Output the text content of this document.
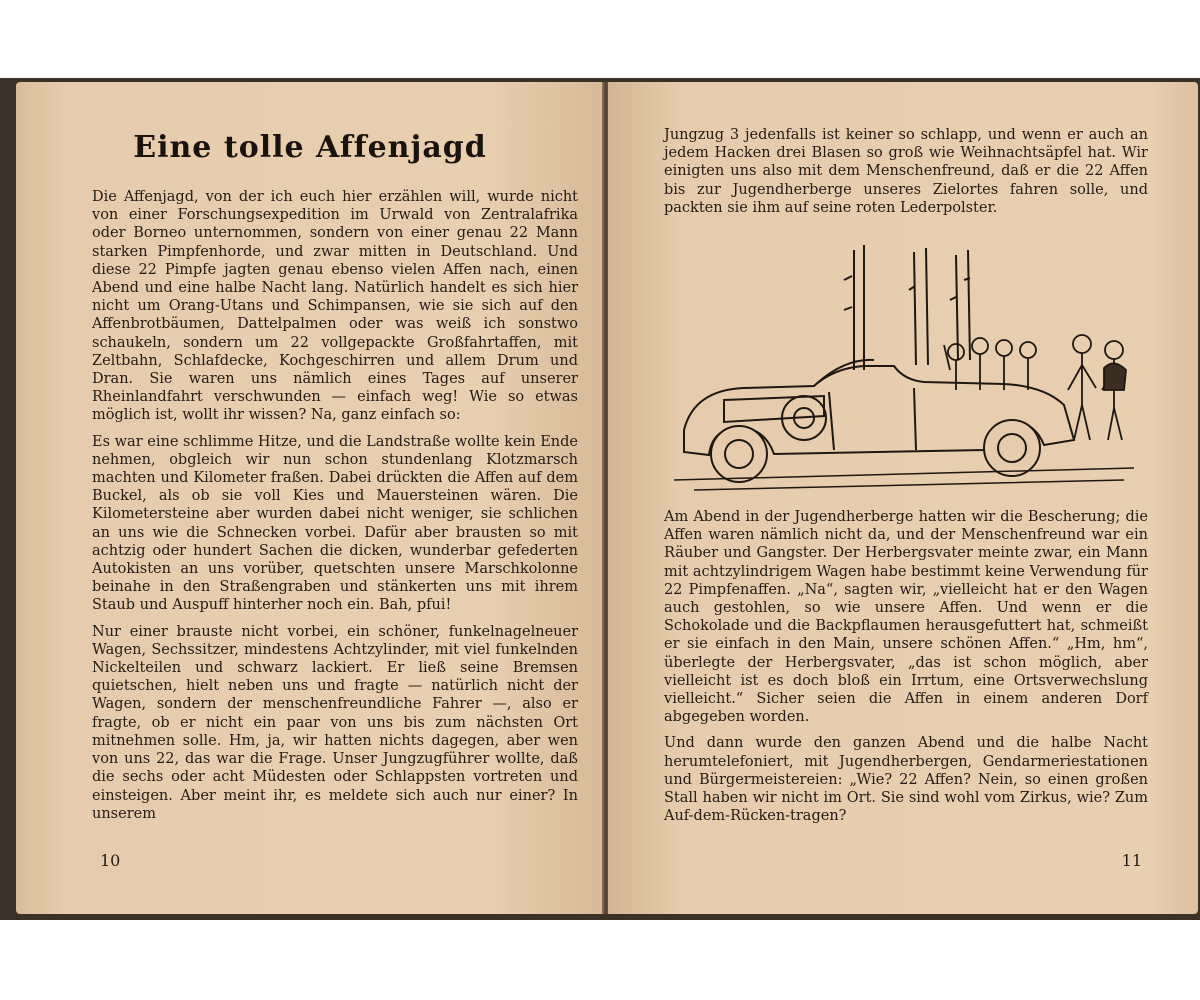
Eine tolle Affenjagd

Die Affenjagd, von der ich euch hier erzählen will, wurde nicht von einer Forschungsexpedition im Urwald von Zentralafrika oder Borneo unternommen, sondern von einer genau 22 Mann starken Pimpfenhorde, und zwar mitten in Deutschland. Und diese 22 Pimpfe jagten genau ebenso vielen Affen nach, einen Abend und eine halbe Nacht lang. Natürlich handelt es sich hier nicht um Orang-Utans und Schimpansen, wie sie sich auf den Affenbrotbäumen, Dattelpalmen oder was weiß ich sonstwo schaukeln, sondern um 22 vollgepackte Großfahrtaffen, mit Zeltbahn, Schlafdecke, Kochgeschirren und allem Drum und Dran. Sie waren uns nämlich eines Tages auf unserer Rheinlandfahrt verschwunden — einfach weg! Wie so etwas möglich ist, wollt ihr wissen? Na, ganz einfach so:

Es war eine schlimme Hitze, und die Landstraße wollte kein Ende nehmen, obgleich wir nun schon stundenlang Klotzmarsch machten und Kilometer fraßen. Dabei drückten die Affen auf dem Buckel, als ob sie voll Kies und Mauersteinen wären. Die Kilometersteine aber wurden dabei nicht weniger, sie schlichen an uns wie die Schnecken vorbei. Dafür aber brausten so mit achtzig oder hundert Sachen die dicken, wunderbar gefederten Autokisten an uns vorüber, quetschten unsere Marschkolonne beinahe in den Straßengraben und stänkerten uns mit ihrem Staub und Auspuff hinterher noch ein. Bah, pfui!

Nur einer brauste nicht vorbei, ein schöner, funkelnagelneuer Wagen, Sechssitzer, mindestens Achtzylinder, mit viel funkelnden Nickelteilen und schwarz lackiert. Er ließ seine Bremsen quietschen, hielt neben uns und fragte — natürlich nicht der Wagen, sondern der menschenfreundliche Fahrer —, also er fragte, ob er nicht ein paar von uns bis zum nächsten Ort mitnehmen solle. Hm, ja, wir hatten nichts dagegen, aber wen von uns 22, das war die Frage. Unser Jungzugführer wollte, daß die sechs oder acht Müdesten oder Schlappsten vortreten und einsteigen. Aber meint ihr, es meldete sich auch nur einer? In unserem

10

Jungzug 3 jedenfalls ist keiner so schlapp, und wenn er auch an jedem Hacken drei Blasen so groß wie Weihnachtsäpfel hat. Wir einigten uns also mit dem Menschenfreund, daß er die 22 Affen bis zur Jugendherberge unseres Zielortes fahren solle, und packten sie ihm auf seine roten Lederpolster.

Am Abend in der Jugendherberge hatten wir die Bescherung; die Affen waren nämlich nicht da, und der Menschenfreund war ein Räuber und Gangster. Der Herbergsvater meinte zwar, ein Mann mit achtzylindrigem Wagen habe bestimmt keine Verwendung für 22 Pimpfenaffen. „Na“, sagten wir, „vielleicht hat er den Wagen auch gestohlen, so wie unsere Affen. Und wenn er die Schokolade und die Backpflaumen herausgefuttert hat, schmeißt er sie einfach in den Main, unsere schönen Affen.“ „Hm, hm“, überlegte der Herbergsvater, „das ist schon möglich, aber vielleicht ist es doch bloß ein Irrtum, eine Ortsverwechslung vielleicht.“ Sicher seien die Affen in einem anderen Dorf abgegeben worden.

Und dann wurde den ganzen Abend und die halbe Nacht herumtelefoniert, mit Jugendherbergen, Gendarmeriestationen und Bürgermeistereien: „Wie? 22 Affen? Nein, so einen großen Stall haben wir nicht im Ort. Sie sind wohl vom Zirkus, wie? Zum Auf-dem-Rücken-tragen?

11
